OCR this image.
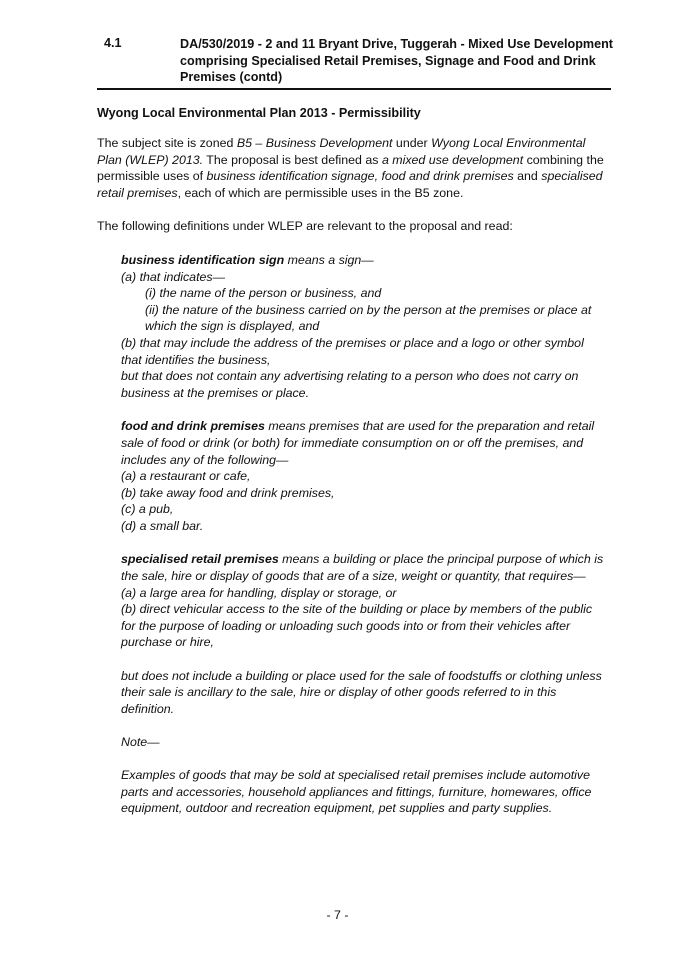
4.1	DA/530/2019 - 2 and 11 Bryant Drive, Tuggerah - Mixed Use Development comprising Specialised Retail Premises, Signage and Food and Drink Premises (contd)
Wyong Local Environmental Plan 2013 - Permissibility
The subject site is zoned B5 – Business Development under Wyong Local Environmental Plan (WLEP) 2013. The proposal is best defined as a mixed use development combining the permissible uses of business identification signage, food and drink premises and specialised retail premises, each of which are permissible uses in the B5 zone.
The following definitions under WLEP are relevant to the proposal and read:
business identification sign means a sign—
(a) that indicates—
(i) the name of the person or business, and
(ii) the nature of the business carried on by the person at the premises or place at which the sign is displayed, and
(b) that may include the address of the premises or place and a logo or other symbol that identifies the business,
but that does not contain any advertising relating to a person who does not carry on business at the premises or place.
food and drink premises means premises that are used for the preparation and retail sale of food or drink (or both) for immediate consumption on or off the premises, and includes any of the following—
(a) a restaurant or cafe,
(b) take away food and drink premises,
(c) a pub,
(d) a small bar.
specialised retail premises means a building or place the principal purpose of which is the sale, hire or display of goods that are of a size, weight or quantity, that requires—
(a) a large area for handling, display or storage, or
(b) direct vehicular access to the site of the building or place by members of the public for the purpose of loading or unloading such goods into or from their vehicles after purchase or hire,
but does not include a building or place used for the sale of foodstuffs or clothing unless their sale is ancillary to the sale, hire or display of other goods referred to in this definition.
Note—
Examples of goods that may be sold at specialised retail premises include automotive parts and accessories, household appliances and fittings, furniture, homewares, office equipment, outdoor and recreation equipment, pet supplies and party supplies.
- 7 -
